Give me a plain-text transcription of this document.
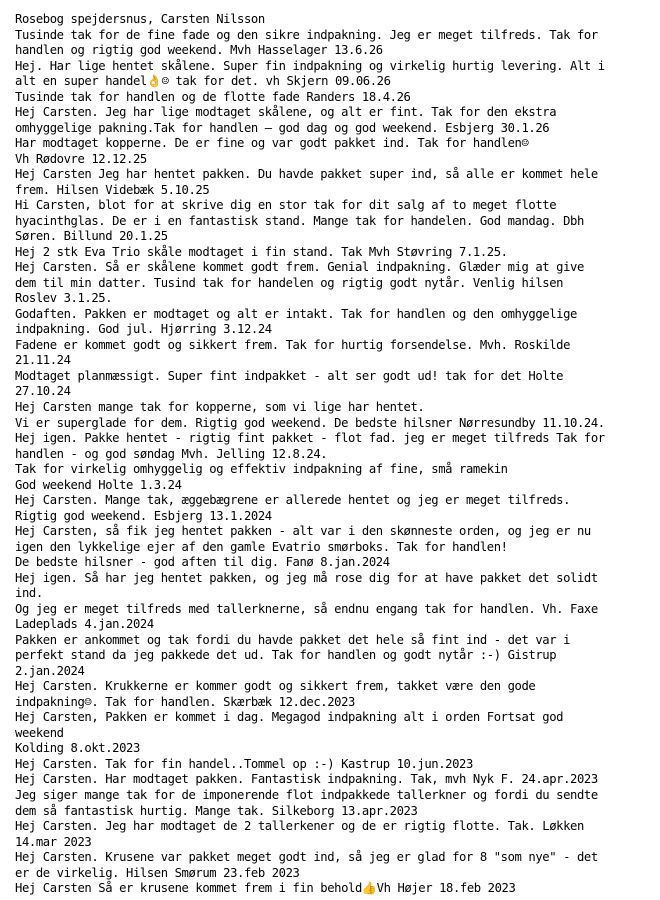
Rosebog spejdersnus, Carsten Nilsson
Tusinde tak for de fine fade og den sikre indpakning. Jeg er meget tilfreds. Tak for
handlen og rigtig god weekend. Mvh Hasselager 13.6.26
Hej. Har lige hentet skålene. Super fin indpakning og virkelig hurtig levering. Alt i
alt en super handel👌☺ tak for det. vh Skjern 09.06.26
Tusinde tak for handlen og de flotte fade Randers 18.4.26
Hej Carsten. Jeg har lige modtaget skålene, og alt er fint. Tak for den ekstra
omhyggelige pakning.Tak for handlen – god dag og god weekend. Esbjerg 30.1.26
Har modtaget kopperne. De er fine og var godt pakket ind. Tak for handlen☺
Vh Rødovre 12.12.25
Hej Carsten Jeg har hentet pakken. Du havde pakket super ind, så alle er kommet hele
frem. Hilsen Videbæk 5.10.25
Hi Carsten, blot for at skrive dig en stor tak for dit salg af to meget flotte
hyacinthglas. De er i en fantastisk stand. Mange tak for handelen. God mandag. Dbh
Søren. Billund 20.1.25
Hej 2 stk Eva Trio skåle modtaget i fin stand. Tak Mvh Støvring 7.1.25.
Hej Carsten. Så er skålene kommet godt frem. Genial indpakning. Glæder mig at give
dem til min datter. Tusind tak for handelen og rigtig godt nytår. Venlig hilsen
Roslev 3.1.25.
Godaften. Pakken er modtaget og alt er intakt. Tak for handlen og den omhyggelige
indpakning. God jul. Hjørring 3.12.24
Fadene er kommet godt og sikkert frem. Tak for hurtig forsendelse. Mvh. Roskilde
21.11.24
Modtaget planmæssigt. Super fint indpakket - alt ser godt ud! tak for det Holte
27.10.24
Hej Carsten mange tak for kopperne, som vi lige har hentet.
Vi er superglade for dem. Rigtig god weekend. De bedste hilsner Nørresundby 11.10.24.
Hej igen. Pakke hentet - rigtig fint pakket - flot fad. jeg er meget tilfreds Tak for
handlen - og god søndag Mvh. Jelling 12.8.24.
Tak for virkelig omhyggelig og effektiv indpakning af fine, små ramekin
God weekend Holte 1.3.24
Hej Carsten. Mange tak, æggebægrene er allerede hentet og jeg er meget tilfreds.
Rigtig god weekend. Esbjerg 13.1.2024
Hej Carsten, så fik jeg hentet pakken - alt var i den skønneste orden, og jeg er nu
igen den lykkelige ejer af den gamle Evatrio smørboks. Tak for handlen!
De bedste hilsner - god aften til dig. Fanø 8.jan.2024
Hej igen. Så har jeg hentet pakken, og jeg må rose dig for at have pakket det solidt
ind.
Og jeg er meget tilfreds med tallerknerne, så endnu engang tak for handlen. Vh. Faxe
Ladeplads 4.jan.2024
Pakken er ankommet og tak fordi du havde pakket det hele så fint ind - det var i
perfekt stand da jeg pakkede det ud. Tak for handlen og godt nytår :-) Gistrup
2.jan.2024
Hej Carsten. Krukkerne er kommer godt og sikkert frem, takket være den gode
indpakning☺. Tak for handlen. Skærbæk 12.dec.2023
Hej Carsten, Pakken er kommet i dag. Megagod indpakning alt i orden Fortsat god
weekend
Kolding 8.okt.2023
Hej Carsten. Tak for fin handel..Tommel op :-) Kastrup 10.jun.2023
Hej Carsten. Har modtaget pakken. Fantastisk indpakning. Tak, mvh Nyk F. 24.apr.2023
Jeg siger mange tak for de imponerende flot indpakkede tallerkner og fordi du sendte
dem så fantastisk hurtig. Mange tak. Silkeborg 13.apr.2023
Hej Carsten. Jeg har modtaget de 2 tallerkener og de er rigtig flotte. Tak. Løkken
14.mar 2023
Hej Carsten. Krusene var pakket meget godt ind, så jeg er glad for 8 "som nye" - det
er de virkelig. Hilsen Smørum 23.feb 2023
Hej Carsten Så er krusene kommet frem i fin behold👍Vh Højer 18.feb 2023
